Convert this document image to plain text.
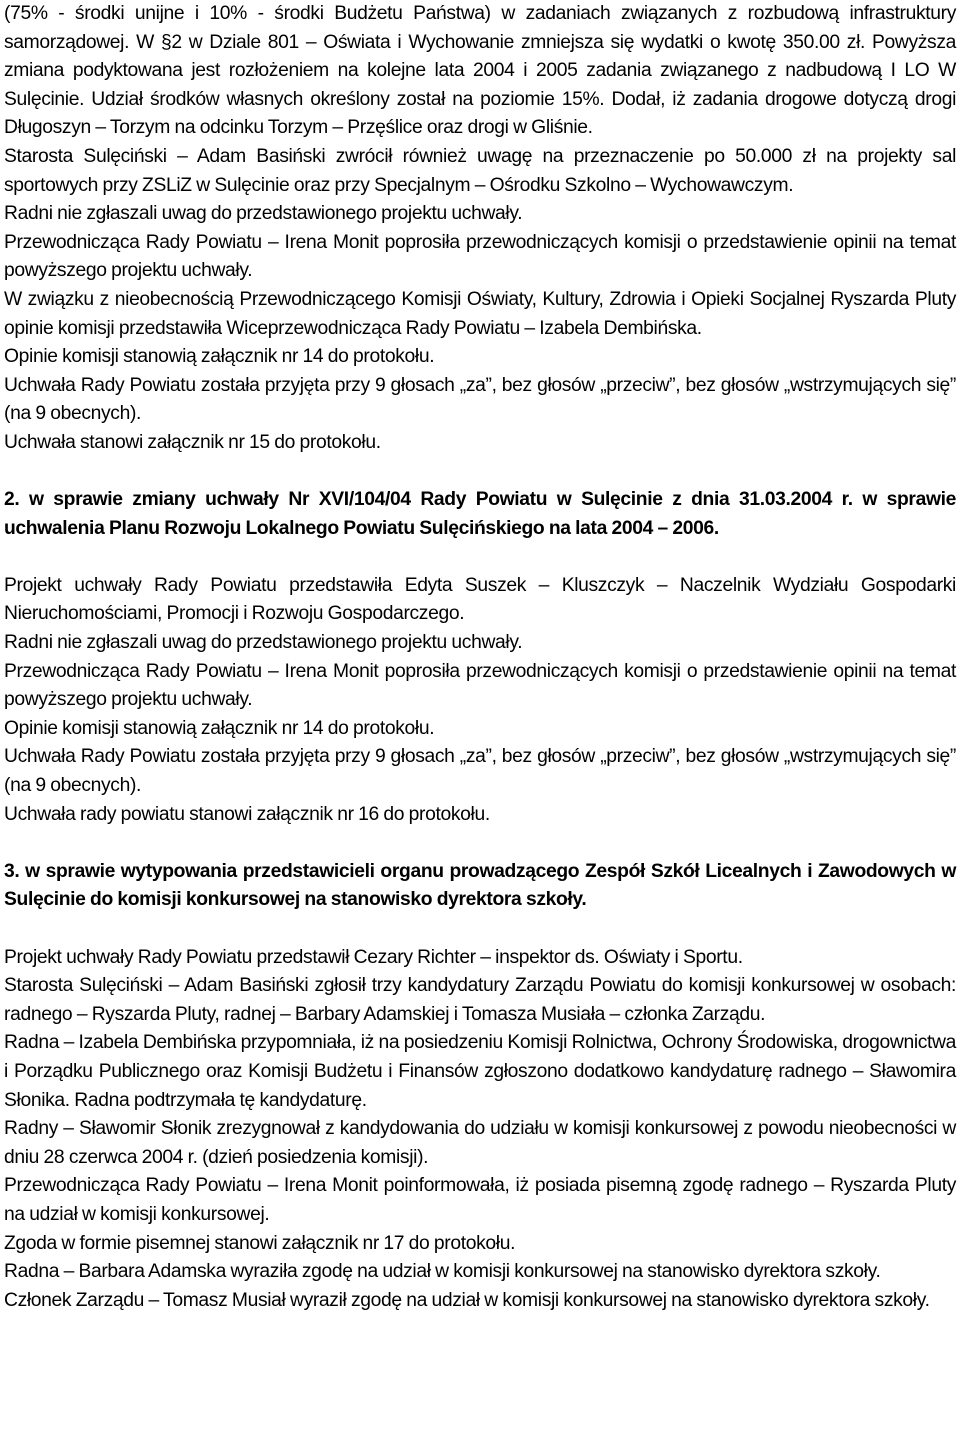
(75% - środki unijne i 10% - środki Budżetu Państwa) w zadaniach związanych z rozbudową infrastruktury samorządowej. W §2 w Dziale 801 – Oświata i Wychowanie zmniejsza się wydatki o kwotę 350.00 zł. Powyższa zmiana podyktowana jest rozłożeniem na kolejne lata 2004 i 2005 zadania związanego z nadbudową I LO W Sulęcinie. Udział środków własnych określony został na poziomie 15%. Dodał, iż zadania drogowe dotyczą drogi Długoszyn – Torzym na odcinku Torzym – Przęślice oraz drogi w Gliśnie.

Starosta Sulęciński – Adam Basiński zwrócił również uwagę na przeznaczenie po 50.000 zł na projekty sal sportowych przy ZSLiZ w Sulęcinie oraz przy Specjalnym – Ośrodku Szkolno – Wychowawczym.

Radni nie zgłaszali uwag do przedstawionego projektu uchwały.

Przewodnicząca Rady Powiatu – Irena Monit poprosiła przewodniczących komisji o przedstawienie opinii na temat powyższego projektu uchwały.

W związku z nieobecnością Przewodniczącego Komisji Oświaty, Kultury, Zdrowia i Opieki Socjalnej Ryszarda Pluty opinie komisji przedstawiła Wiceprzewodnicząca Rady Powiatu – Izabela Dembińska.

Opinie komisji stanowią załącznik nr 14 do protokołu.

Uchwała Rady Powiatu została przyjęta przy 9 głosach „za”, bez głosów „przeciw”, bez głosów „wstrzymujących się” (na 9 obecnych).

Uchwała stanowi załącznik nr 15 do protokołu.

2. w sprawie zmiany uchwały Nr XVI/104/04 Rady Powiatu w Sulęcinie z dnia 31.03.2004 r. w sprawie uchwalenia Planu Rozwoju Lokalnego Powiatu Sulęcińskiego na lata 2004 – 2006.

Projekt uchwały Rady Powiatu przedstawiła Edyta Suszek – Kluszczyk – Naczelnik Wydziału Gospodarki Nieruchomościami, Promocji i Rozwoju Gospodarczego.

Radni nie zgłaszali uwag do przedstawionego projektu uchwały.

Przewodnicząca Rady Powiatu – Irena Monit poprosiła przewodniczących komisji o przedstawienie opinii na temat powyższego projektu uchwały.

Opinie komisji stanowią załącznik nr 14 do protokołu.

Uchwała Rady Powiatu została przyjęta przy 9 głosach „za”, bez głosów „przeciw”, bez głosów „wstrzymujących się” (na 9 obecnych).

Uchwała rady powiatu stanowi załącznik nr 16 do protokołu.

3. w sprawie wytypowania przedstawicieli organu prowadzącego Zespół Szkół Licealnych i Zawodowych w Sulęcinie do komisji konkursowej na stanowisko dyrektora szkoły.

Projekt uchwały Rady Powiatu przedstawił Cezary Richter – inspektor ds. Oświaty i Sportu.

Starosta Sulęciński – Adam Basiński zgłosił trzy kandydatury Zarządu Powiatu do komisji konkursowej w osobach: radnego – Ryszarda Pluty, radnej – Barbary Adamskiej i Tomasza Musiała – członka Zarządu.

Radna – Izabela Dembińska przypomniała, iż na posiedzeniu Komisji Rolnictwa, Ochrony Środowiska, drogownictwa i Porządku Publicznego oraz Komisji Budżetu i Finansów zgłoszono dodatkowo kandydaturę radnego – Sławomira Słonika. Radna podtrzymała tę kandydaturę.

Radny – Sławomir Słonik zrezygnował z kandydowania do udziału w komisji konkursowej z powodu nieobecności w dniu 28 czerwca 2004 r. (dzień posiedzenia komisji).

Przewodnicząca Rady Powiatu – Irena Monit poinformowała, iż posiada pisemną zgodę radnego – Ryszarda Pluty na udział w komisji konkursowej.

Zgoda w formie pisemnej stanowi załącznik nr 17 do protokołu.

Radna – Barbara Adamska wyraziła zgodę na udział w komisji konkursowej na stanowisko dyrektora szkoły.

Członek Zarządu – Tomasz Musiał wyraził zgodę na udział w komisji konkursowej na stanowisko dyrektora szkoły.
